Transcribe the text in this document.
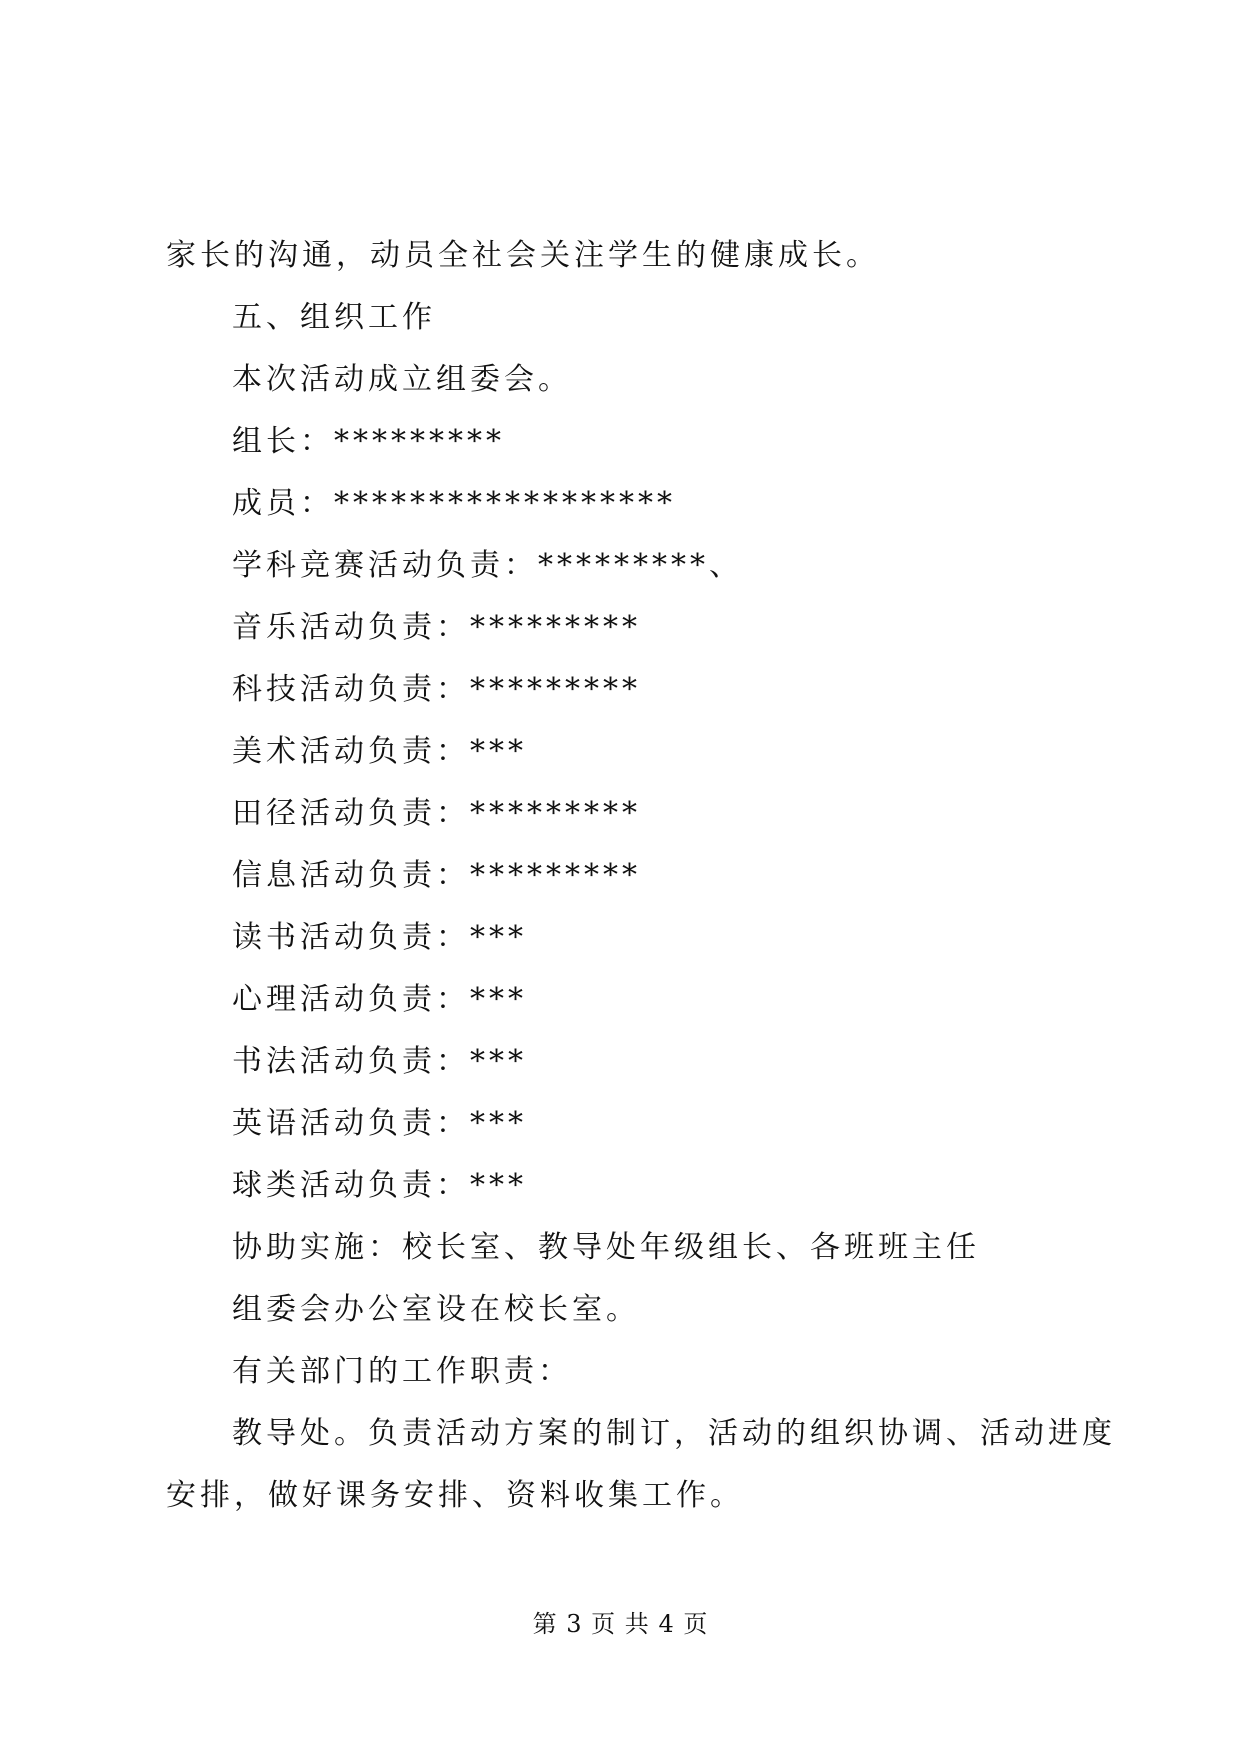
家长的沟通，动员全社会关注学生的健康成长。
五、组织工作
本次活动成立组委会。
组长：*********
成员：******************
学科竞赛活动负责：*********、
音乐活动负责：*********
科技活动负责：*********
美术活动负责：***
田径活动负责：*********
信息活动负责：*********
读书活动负责：***
心理活动负责：***
书法活动负责：***
英语活动负责：***
球类活动负责：***
协助实施：校长室、教导处年级组长、各班班主任
组委会办公室设在校长室。
有关部门的工作职责：
教导处。负责活动方案的制订，活动的组织协调、活动进度
安排，做好课务安排、资料收集工作。
第 3 页 共 4 页
